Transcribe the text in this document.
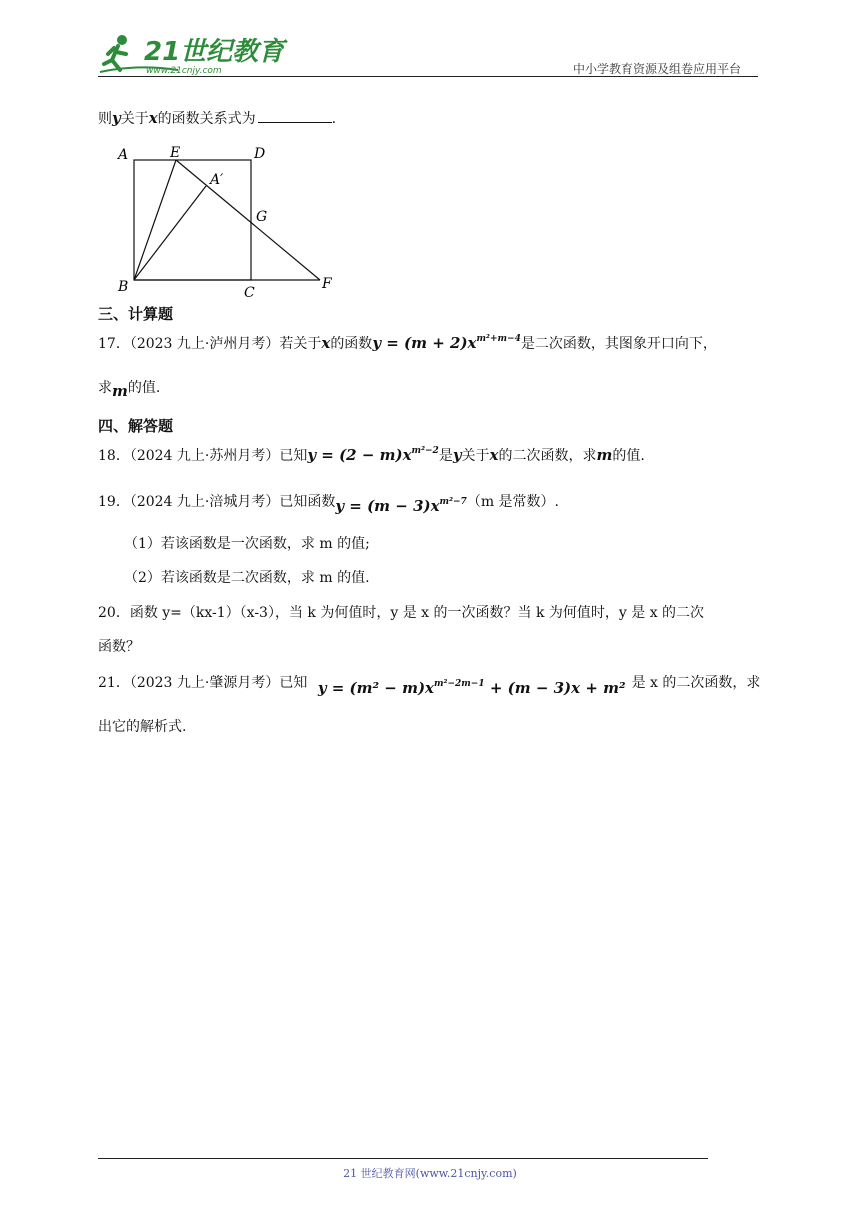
21世纪教育
www.21cnjy.com	中小学教育资源及组卷应用平台
则y关于x的函数关系式为	.
A	E	D
A′
G
B	C
F
三、计算题
17．（2023 九上·泸州月考）若关于x的函数$y = (m + 2)x^{m^2+m-4}$是二次函数，其图象开口向下，
求m的值.
四、解答题
18．（2024 九上·苏州月考）已知$y = (2 - m)x^{m^2-2}$是y关于x的二次函数，求m的值.
19．（2024 九上·涪城月考）已知函数$y = (m - 3)x^{m^2-7}(m$ 是常数）.
（1）若该函数是一次函数，求 m 的值;
（2）若该函数是二次函数，求 m 的值.
20．函数 y=（kx-1）（x-3），当 k 为何值时，y 是 x 的一次函数？当 k 为何值时，y 是 x 的二次
函数？
21．（2023 九上·肇源月考）已知 $y = (m^2 - m)x^{m^2-2m-1} + (m - 3)x + m^2$ 是 x 的二次函数，求
出它的解析式.
21 世纪教育网(www.21cnjy.com)
